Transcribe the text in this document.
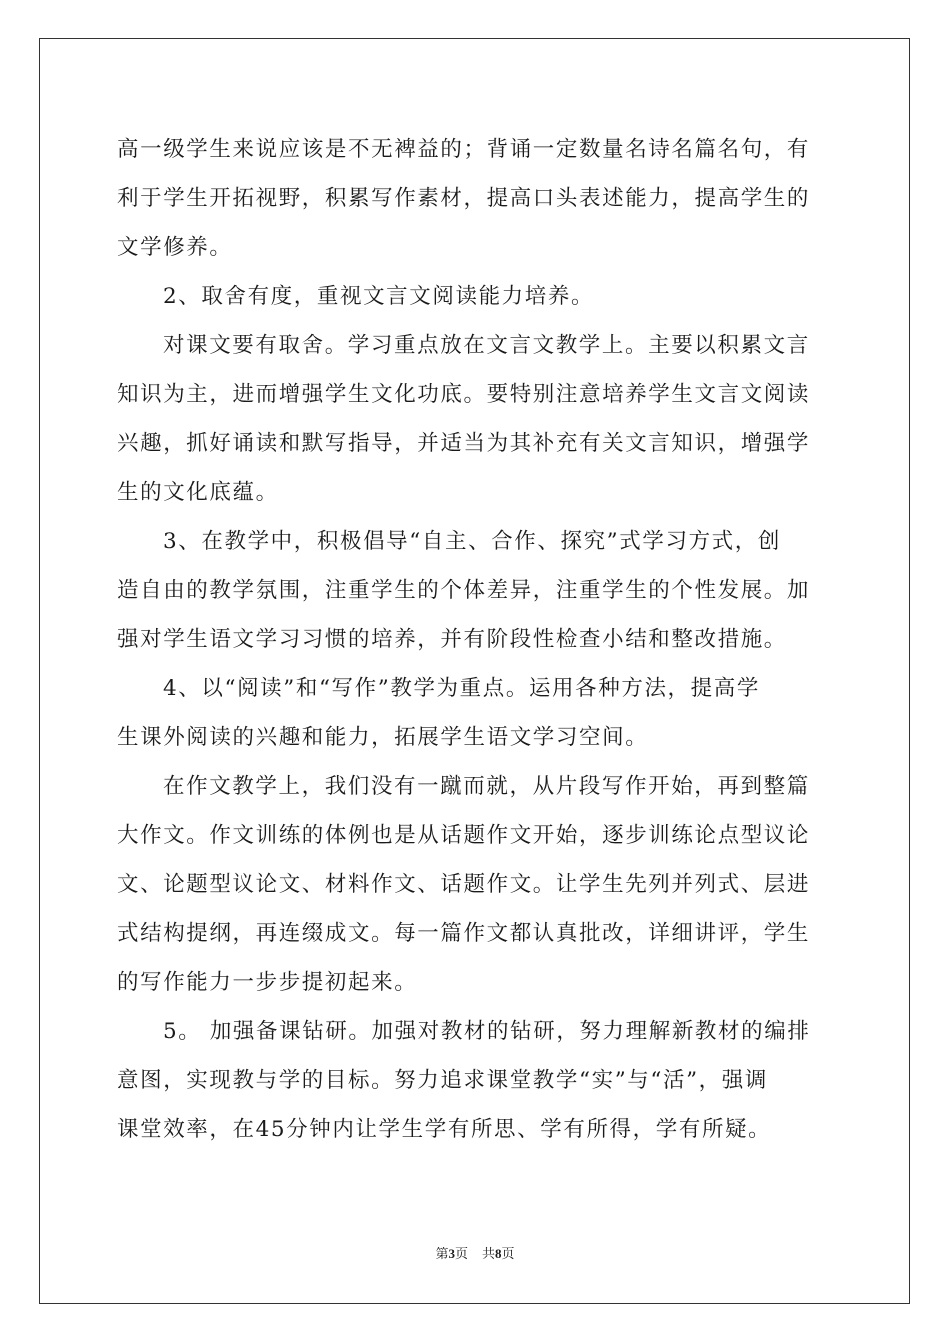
高一级学生来说应该是不无裨益的；背诵一定数量名诗名篇名句，有
利于学生开拓视野，积累写作素材，提高口头表述能力，提高学生的
文学修养。
2、取舍有度，重视文言文阅读能力培养。
对课文要有取舍。学习重点放在文言文教学上。主要以积累文言
知识为主，进而增强学生文化功底。要特别注意培养学生文言文阅读
兴趣，抓好诵读和默写指导，并适当为其补充有关文言知识，增强学
生的文化底蕴。
3、在教学中，积极倡导“自主、合作、探究”式学习方式，创
造自由的教学氛围，注重学生的个体差异，注重学生的个性发展。加
强对学生语文学习习惯的培养，并有阶段性检查小结和整改措施。
4、以“阅读”和“写作”教学为重点。运用各种方法，提高学
生课外阅读的兴趣和能力，拓展学生语文学习空间。
在作文教学上，我们没有一蹴而就，从片段写作开始，再到整篇
大作文。作文训练的体例也是从话题作文开始，逐步训练论点型议论
文、论题型议论文、材料作文、话题作文。让学生先列并列式、层进
式结构提纲，再连缀成文。每一篇作文都认真批改，详细讲评，学生
的写作能力一步步提初起来。
5。 加强备课钻研。加强对教材的钻研，努力理解新教材的编排
意图，实现教与学的目标。努力追求课堂教学“实”与“活”，强调
课堂效率，在45分钟内让学生学有所思、学有所得，学有所疑。
第3页 共8页
